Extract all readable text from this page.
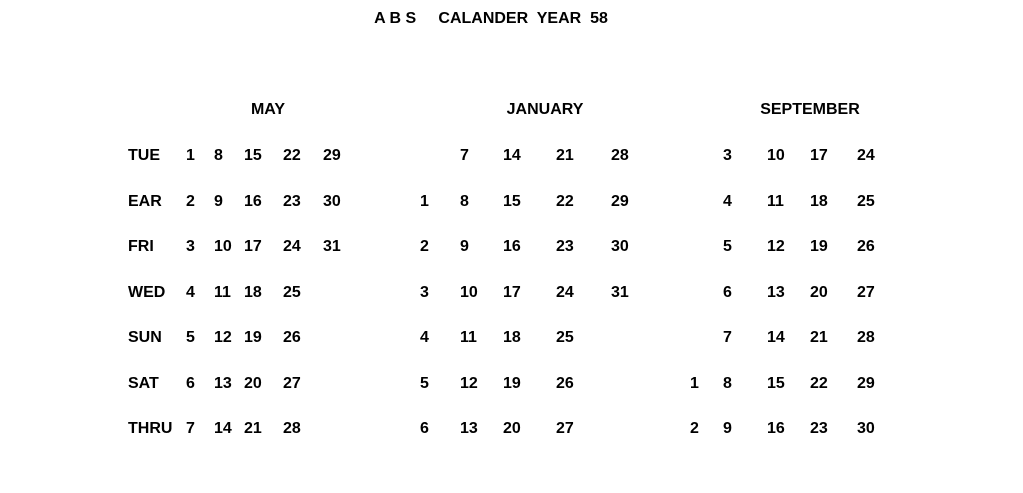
A B S     CALANDER  YEAR  58
MAY	JANUARY	SEPTEMBER
TUE
EAR
FRI
WED
SUN
SAT
THRU
1 8 15 22 29
2 9 16 23 30
3 10 17 24 31
4 11 18 25
5 12 19 26
6 13 20 27
7 14 21 28
7 14 21 28
1 8 15 22 29
2 9 16 23 30
3 10 17 24 31
4 11 18 25
5 12 19 26
6 13 20 27
3 10 17 24
4 11 18 25
5 12 19 26
6 13 20 27
7 14 21 28
1 8 15 22 29
2 9 16 23 30
